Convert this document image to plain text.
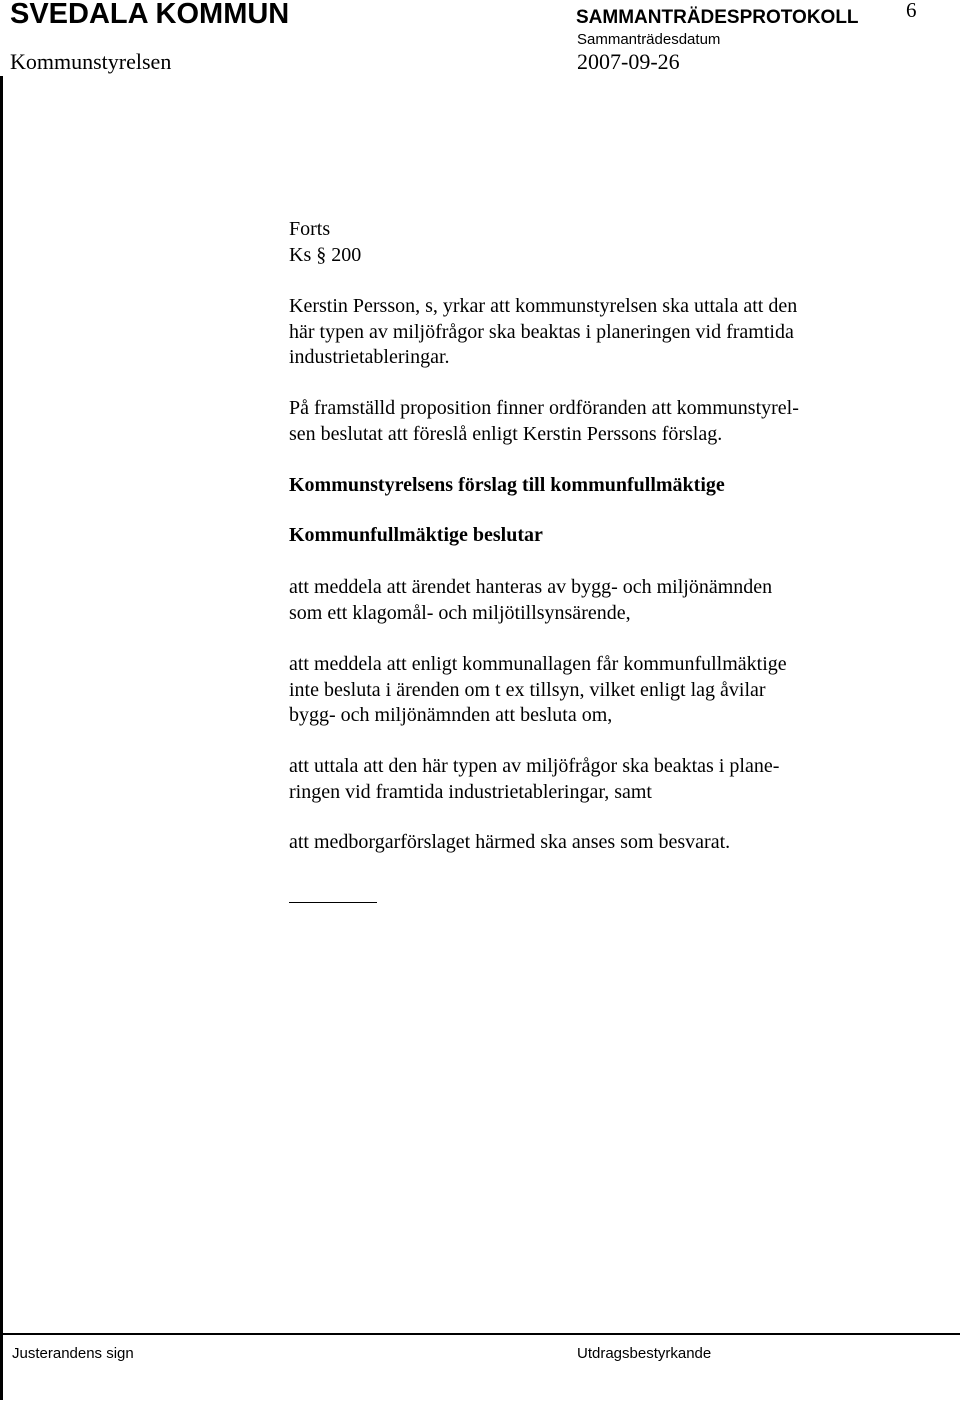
SVEDALA KOMMUN	SAMMANTRÄDESPROTOKOLL 6
Sammanträdesdatum
Kommunstyrelsen	2007-09-26
Forts
Ks § 200
Kerstin Persson, s, yrkar att kommunstyrelsen ska uttala att den
här typen av miljöfrågor ska beaktas i planeringen vid framtida
industrietableringar.
På framställd proposition finner ordföranden att kommunstyrel-
sen beslutat att föreslå enligt Kerstin Perssons förslag.
Kommunstyrelsens förslag till kommunfullmäktige
Kommunfullmäktige beslutar
att meddela att ärendet hanteras av bygg- och miljönämnden
som ett klagomål- och miljötillsynsärende,
att meddela att enligt kommunallagen får kommunfullmäktige
inte besluta i ärenden om t ex tillsyn, vilket enligt lag åvilar
bygg- och miljönämnden att besluta om,
att uttala att den här typen av miljöfrågor ska beaktas i plane-
ringen vid framtida industrietableringar, samt
att medborgarförslaget härmed ska anses som besvarat.
Justerandens sign	Utdragsbestyrkande
